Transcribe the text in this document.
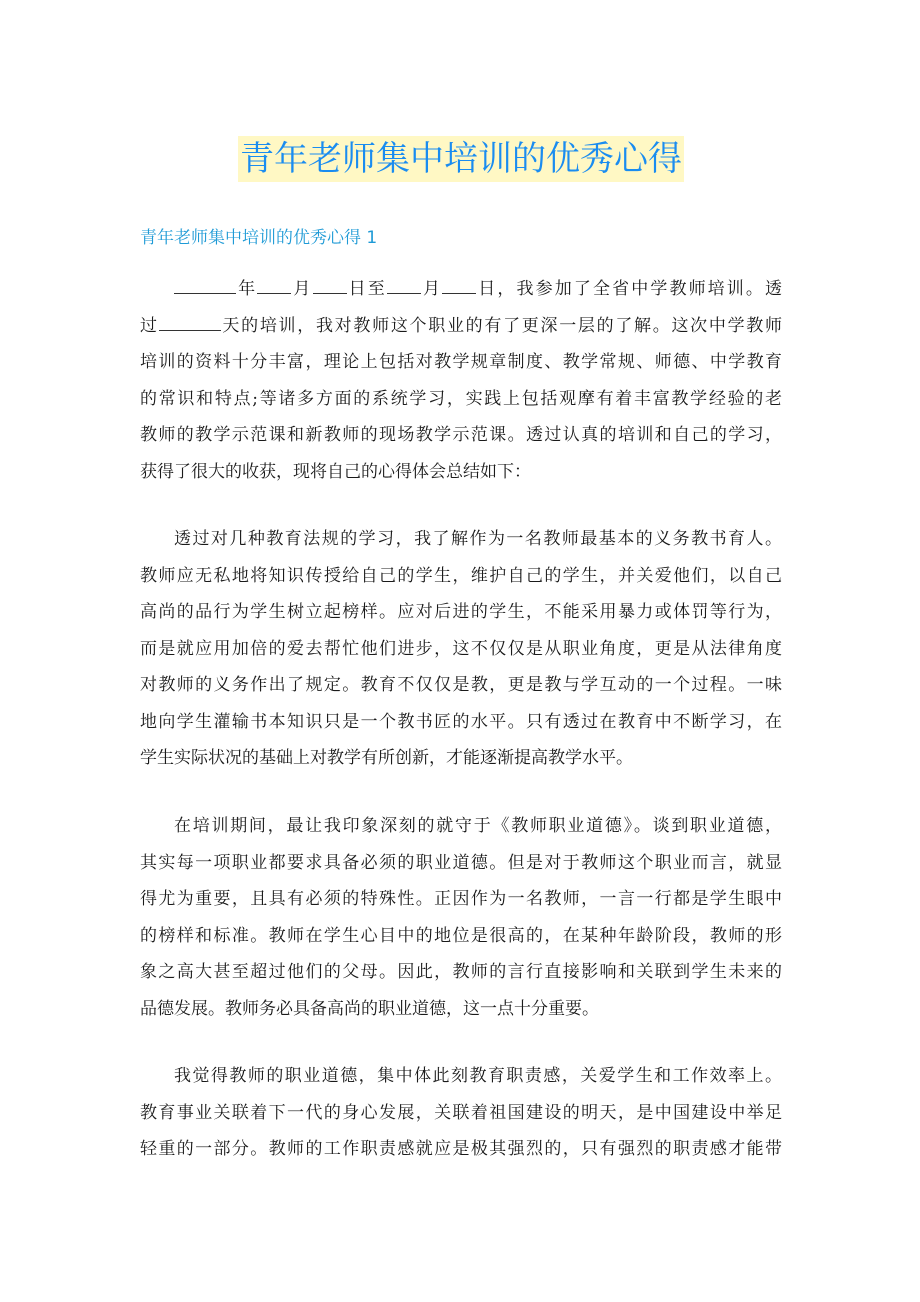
青年老师集中培训的优秀心得
青年老师集中培训的优秀心得 1
年 月 日至 月 日，我参加了全省中学教师培训。透
过	天的培训，我对教师这个职业的有了更深一层的了解。这次中学教师
培训的资料十分丰富，理论上包括对教学规章制度、教学常规、师德、中学教育
的常识和特点;等诸多方面的系统学习，实践上包括观摩有着丰富教学经验的老
教师的教学示范课和新教师的现场教学示范课。透过认真的培训和自己的学习，
获得了很大的收获，现将自己的心得体会总结如下：
透过对几种教育法规的学习，我了解作为一名教师最基本的义务教书育人。
教师应无私地将知识传授给自己的学生，维护自己的学生，并关爱他们，以自己
高尚的品行为学生树立起榜样。应对后进的学生，不能采用暴力或体罚等行为，
而是就应用加倍的爱去帮忙他们进步，这不仅仅是从职业角度，更是从法律角度
对教师的义务作出了规定。教育不仅仅是教，更是教与学互动的一个过程。一味
地向学生灌输书本知识只是一个教书匠的水平。只有透过在教育中不断学习，在
学生实际状况的基础上对教学有所创新，才能逐渐提高教学水平。
在培训期间，最让我印象深刻的就守于《教师职业道德》。谈到职业道德，
其实每一项职业都要求具备必须的职业道德。但是对于教师这个职业而言，就显
得尤为重要，且具有必须的特殊性。正因作为一名教师，一言一行都是学生眼中
的榜样和标准。教师在学生心目中的地位是很高的，在某种年龄阶段，教师的形
象之高大甚至超过他们的父母。因此，教师的言行直接影响和关联到学生未来的
品德发展。教师务必具备高尚的职业道德，这一点十分重要。
我觉得教师的职业道德，集中体此刻教育职责感，关爱学生和工作效率上。
教育事业关联着下一代的身心发展，关联着祖国建设的明天，是中国建设中举足
轻重的一部分。教师的工作职责感就应是极其强烈的，只有强烈的职责感才能带
